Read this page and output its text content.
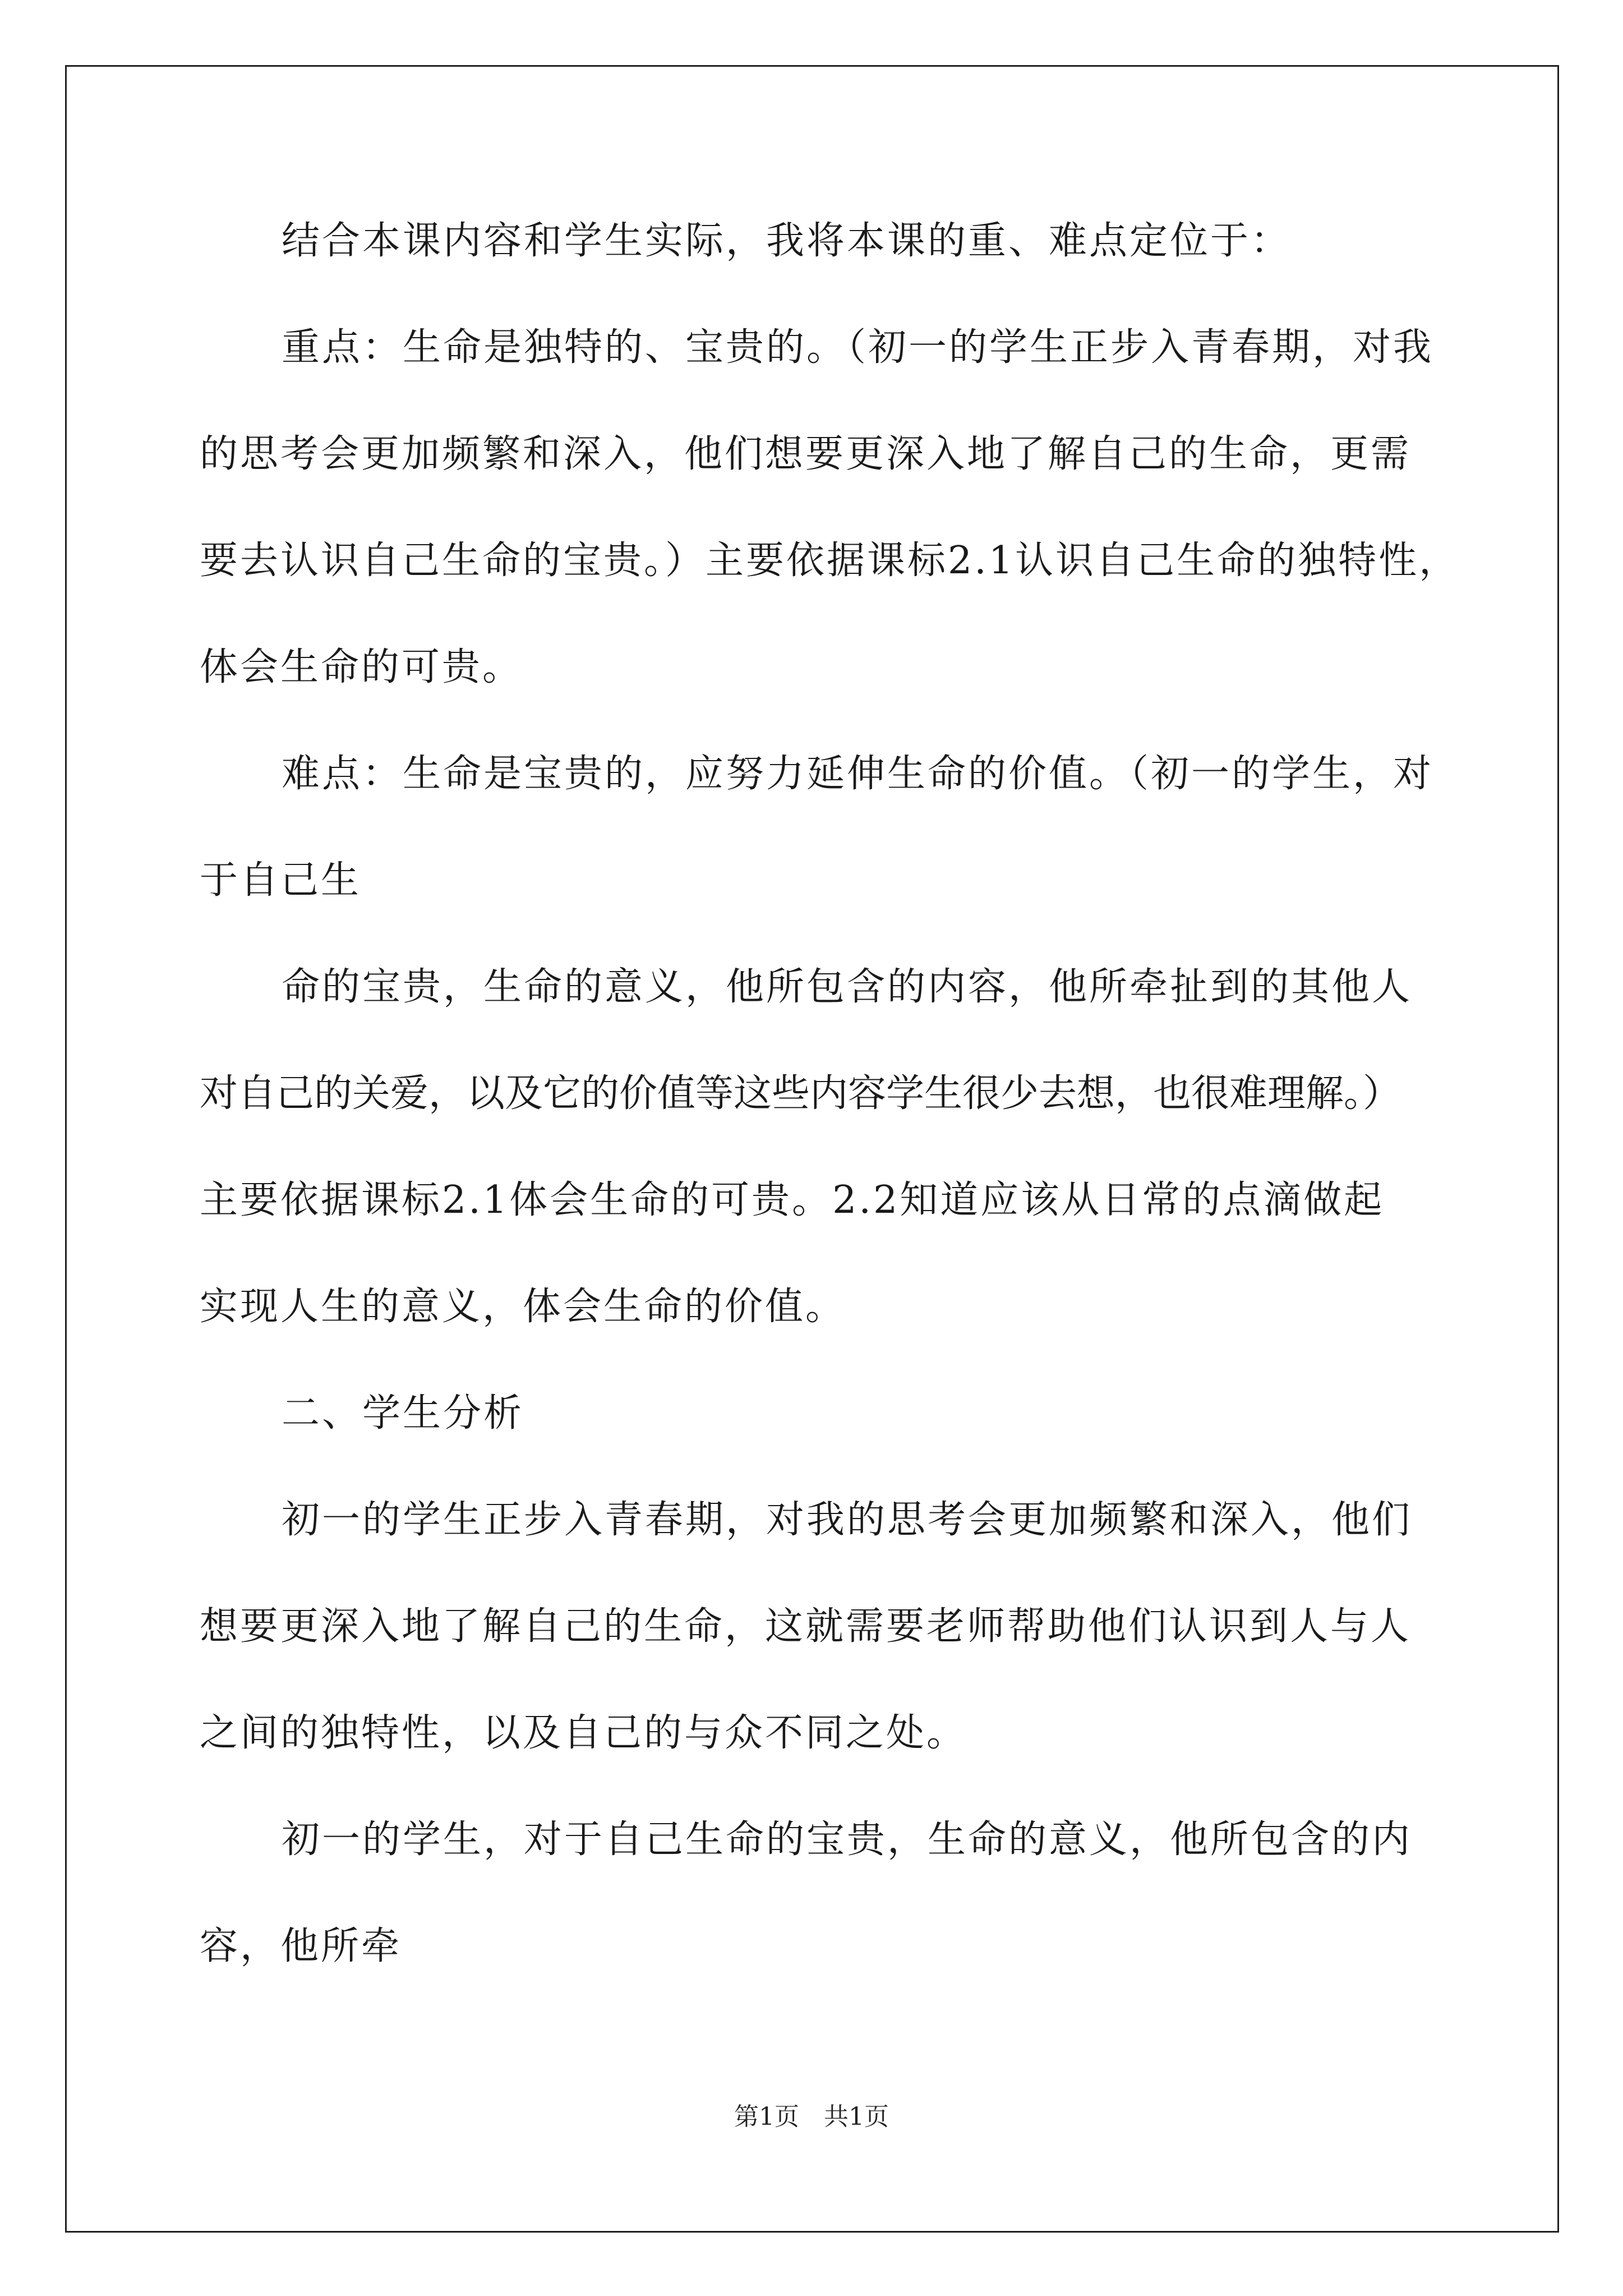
结合本课内容和学生实际，我将本课的重、难点定位于：
重点：生命是独特的、宝贵的。（初一的学生正步入青春期，对我
的思考会更加频繁和深入，他们想要更深入地了解自己的生命，更需
要去认识自己生命的宝贵。）主要依据课标2.1认识自己生命的独特性，
体会生命的可贵。
难点：生命是宝贵的，应努力延伸生命的价值。（初一的学生，对
于自己生
命的宝贵，生命的意义，他所包含的内容，他所牵扯到的其他人
对自己的关爱，以及它的价值等这些内容学生很少去想，也很难理解。）
主要依据课标2.1体会生命的可贵。2.2知道应该从日常的点滴做起
实现人生的意义，体会生命的价值。
二、学生分析
初一的学生正步入青春期，对我的思考会更加频繁和深入，他们
想要更深入地了解自己的生命，这就需要老师帮助他们认识到人与人
之间的独特性，以及自己的与众不同之处。
初一的学生，对于自己生命的宝贵，生命的意义，他所包含的内
容，他所牵
第1页　共1页
